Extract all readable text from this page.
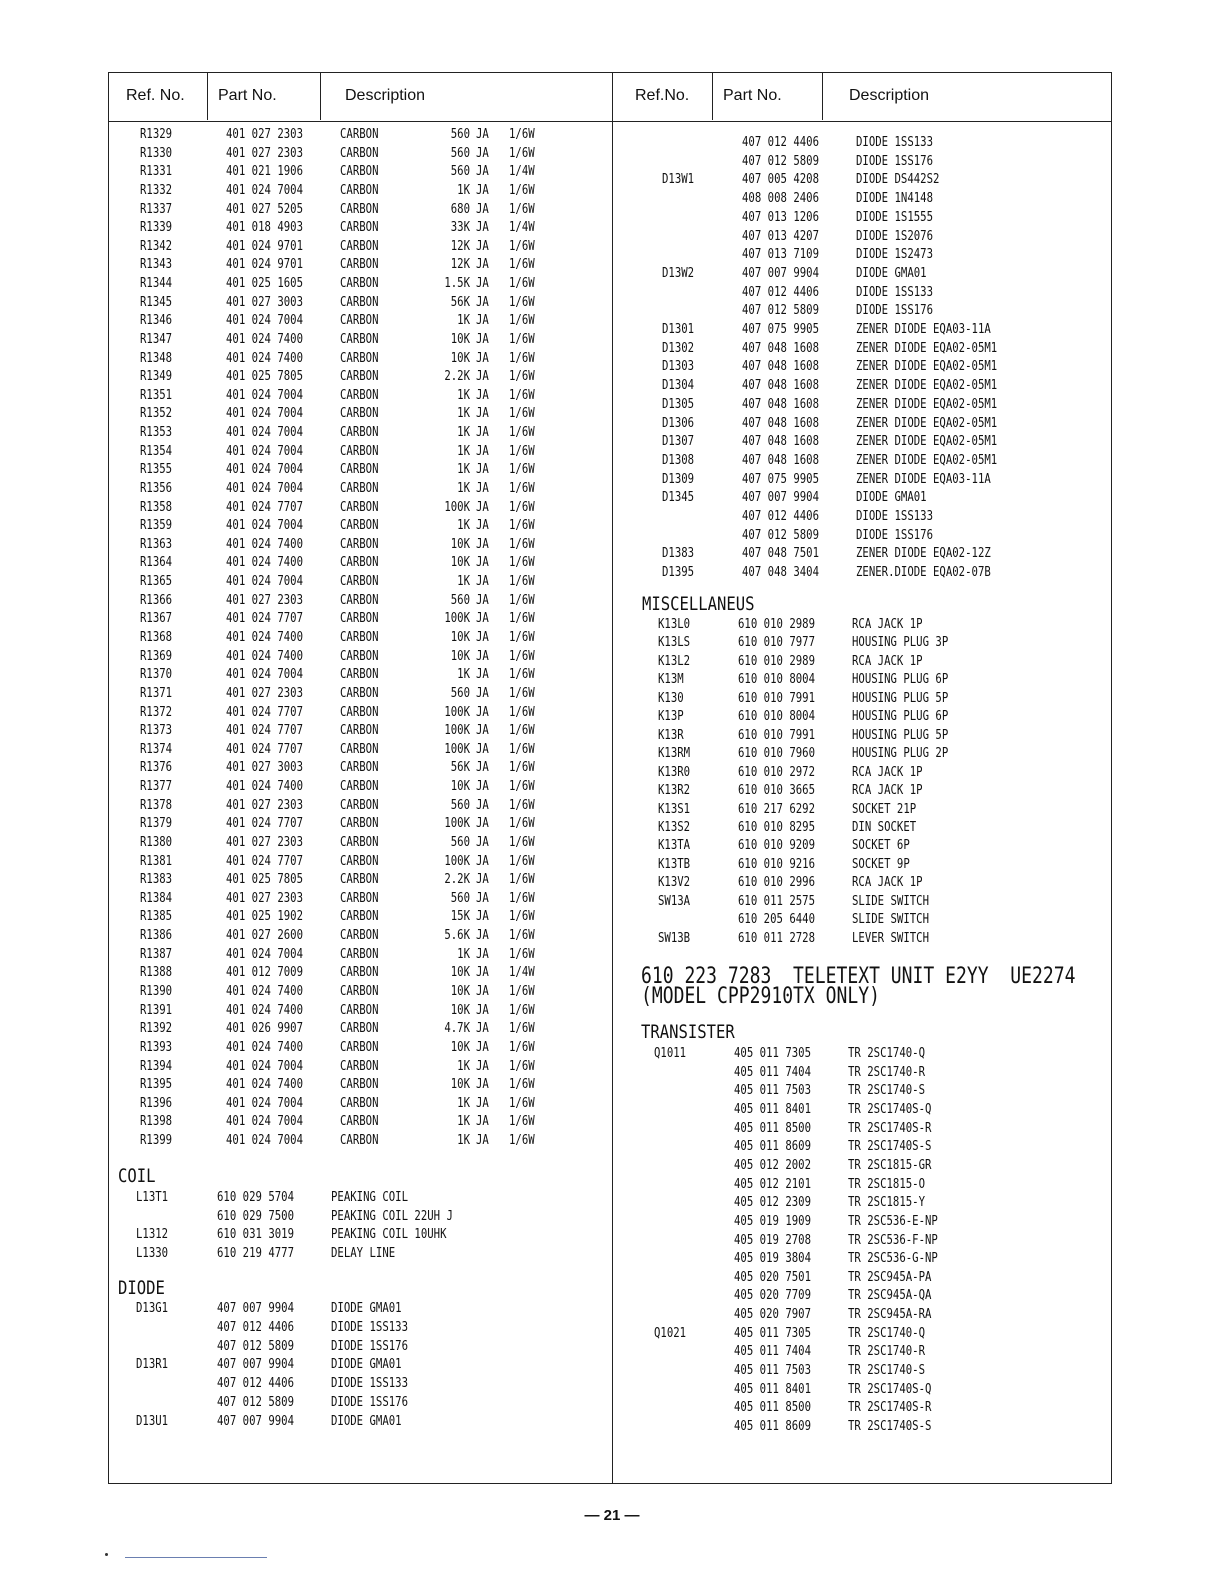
Ref. No.	Part No.	Description	Ref.No.	Part No.	Description
R1329	401 027 2303	CARBON	560 JA 1/6W
R1330	401 027 2303	CARBON	560 JA 1/6W
R1331	401 021 1906	CARBON	560 JA 1/4W
R1332	401 024 7004	CARBON	1K JA 1/6W
R1337	401 027 5205	CARBON	680 JA 1/6W
R1339	401 018 4903	CARBON	33K JA 1/4W
R1342	401 024 9701	CARBON	12K JA 1/6W
R1343	401 024 9701	CARBON	12K JA 1/6W
R1344	401 025 1605	CARBON	1.5K JA 1/6W
R1345	401 027 3003	CARBON	56K JA 1/6W
R1346	401 024 7004	CARBON	1K JA 1/6W
R1347	401 024 7400	CARBON	10K JA 1/6W
R1348	401 024 7400	CARBON	10K JA 1/6W
R1349	401 025 7805	CARBON	2.2K JA 1/6W
R1351	401 024 7004	CARBON	1K JA 1/6W
R1352	401 024 7004	CARBON	1K JA 1/6W
R1353	401 024 7004	CARBON	1K JA 1/6W
R1354	401 024 7004	CARBON	1K JA 1/6W
R1355	401 024 7004	CARBON	1K JA 1/6W
R1356	401 024 7004	CARBON	1K JA 1/6W
R1358	401 024 7707	CARBON	100K JA 1/6W
R1359	401 024 7004	CARBON	1K JA 1/6W
R1363	401 024 7400	CARBON	10K JA 1/6W
R1364	401 024 7400	CARBON	10K JA 1/6W
R1365	401 024 7004	CARBON	1K JA 1/6W
R1366	401 027 2303	CARBON	560 JA 1/6W
R1367	401 024 7707	CARBON	100K JA 1/6W
R1368	401 024 7400	CARBON	10K JA 1/6W
R1369	401 024 7400	CARBON	10K JA 1/6W
R1370	401 024 7004	CARBON	1K JA 1/6W
R1371	401 027 2303	CARBON	560 JA 1/6W
R1372	401 024 7707	CARBON	100K JA 1/6W
R1373	401 024 7707	CARBON	100K JA 1/6W
R1374	401 024 7707	CARBON	100K JA 1/6W
R1376	401 027 3003	CARBON	56K JA 1/6W
R1377	401 024 7400	CARBON	10K JA 1/6W
R1378	401 027 2303	CARBON	560 JA 1/6W
R1379	401 024 7707	CARBON	100K JA 1/6W
R1380	401 027 2303	CARBON	560 JA 1/6W
R1381	401 024 7707	CARBON	100K JA 1/6W
R1383	401 025 7805	CARBON	2.2K JA 1/6W
R1384	401 027 2303	CARBON	560 JA 1/6W
R1385	401 025 1902	CARBON	15K JA 1/6W
R1386	401 027 2600	CARBON	5.6K JA 1/6W
R1387	401 024 7004	CARBON	1K JA 1/6W
R1388	401 012 7009	CARBON	10K JA 1/4W
R1390	401 024 7400	CARBON	10K JA 1/6W
R1391	401 024 7400	CARBON	10K JA 1/6W
R1392	401 026 9907	CARBON	4.7K JA 1/6W
R1393	401 024 7400	CARBON	10K JA 1/6W
R1394	401 024 7004	CARBON	1K JA 1/6W
R1395	401 024 7400	CARBON	10K JA 1/6W
R1396	401 024 7004	CARBON	1K JA 1/6W
R1398	401 024 7004	CARBON	1K JA 1/6W
R1399	401 024 7004	CARBON	1K JA 1/6W
COIL
L13T1	610 029 5704	PEAKING COIL
610 029 7500	PEAKING COIL 22UH J
L1312	610 031 3019	PEAKING COIL 10UHK
L1330	610 219 4777	DELAY LINE
DIODE
D13G1	407 007 9904	DIODE GMA01
407 012 4406	DIODE 1SS133
407 012 5809	DIODE 1SS176
D13R1	407 007 9904	DIODE GMA01
407 012 4406	DIODE 1SS133
407 012 5809	DIODE 1SS176
D13U1	407 007 9904	DIODE GMA01
407 012 4406	DIODE 1SS133
407 012 5809	DIODE 1SS176
D13W1	407 005 4208	DIODE DS442S2
408 008 2406	DIODE 1N4148
407 013 1206	DIODE 1S1555
407 013 4207	DIODE 1S2076
407 013 7109	DIODE 1S2473
D13W2	407 007 9904	DIODE GMA01
407 012 4406	DIODE 1SS133
407 012 5809	DIODE 1SS176
D1301	407 075 9905	ZENER DIODE EQA03-11A
D1302	407 048 1608	ZENER DIODE EQA02-05M1
D1303	407 048 1608	ZENER DIODE EQA02-05M1
D1304	407 048 1608	ZENER DIODE EQA02-05M1
D1305	407 048 1608	ZENER DIODE EQA02-05M1
D1306	407 048 1608	ZENER DIODE EQA02-05M1
D1307	407 048 1608	ZENER DIODE EQA02-05M1
D1308	407 048 1608	ZENER DIODE EQA02-05M1
D1309	407 075 9905	ZENER DIODE EQA03-11A
D1345	407 007 9904	DIODE GMA01
407 012 4406	DIODE 1SS133
407 012 5809	DIODE 1SS176
D1383	407 048 7501	ZENER DIODE EQA02-12Z
D1395	407 048 3404	ZENER.DIODE EQA02-07B
MISCELLANEUS
K13L0	610 010 2989	RCA JACK 1P
K13LS	610 010 7977	HOUSING PLUG 3P
K13L2	610 010 2989	RCA JACK 1P
K13M	610 010 8004	HOUSING PLUG 6P
K130	610 010 7991	HOUSING PLUG 5P
K13P	610 010 8004	HOUSING PLUG 6P
K13R	610 010 7991	HOUSING PLUG 5P
K13RM	610 010 7960	HOUSING PLUG 2P
K13R0	610 010 2972	RCA JACK 1P
K13R2	610 010 3665	RCA JACK 1P
K13S1	610 217 6292	SOCKET 21P
K13S2	610 010 8295	DIN SOCKET
K13TA	610 010 9209	SOCKET 6P
K13TB	610 010 9216	SOCKET 9P
K13V2	610 010 2996	RCA JACK 1P
SW13A	610 011 2575	SLIDE SWITCH
610 205 6440	SLIDE SWITCH
SW13B	610 011 2728	LEVER SWITCH
610 223 7283  TELETEXT UNIT E2YY  UE2274
(MODEL CPP2910TX ONLY)
TRANSISTER
Q1011	405 011 7305	TR 2SC1740-Q
405 011 7404	TR 2SC1740-R
405 011 7503	TR 2SC1740-S
405 011 8401	TR 2SC1740S-Q
405 011 8500	TR 2SC1740S-R
405 011 8609	TR 2SC1740S-S
405 012 2002	TR 2SC1815-GR
405 012 2101	TR 2SC1815-O
405 012 2309	TR 2SC1815-Y
405 019 1909	TR 2SC536-E-NP
405 019 2708	TR 2SC536-F-NP
405 019 3804	TR 2SC536-G-NP
405 020 7501	TR 2SC945A-PA
405 020 7709	TR 2SC945A-QA
405 020 7907	TR 2SC945A-RA
Q1021	405 011 7305	TR 2SC1740-Q
405 011 7404	TR 2SC1740-R
405 011 7503	TR 2SC1740-S
405 011 8401	TR 2SC1740S-Q
405 011 8500	TR 2SC1740S-R
405 011 8609	TR 2SC1740S-S
— 21 —
